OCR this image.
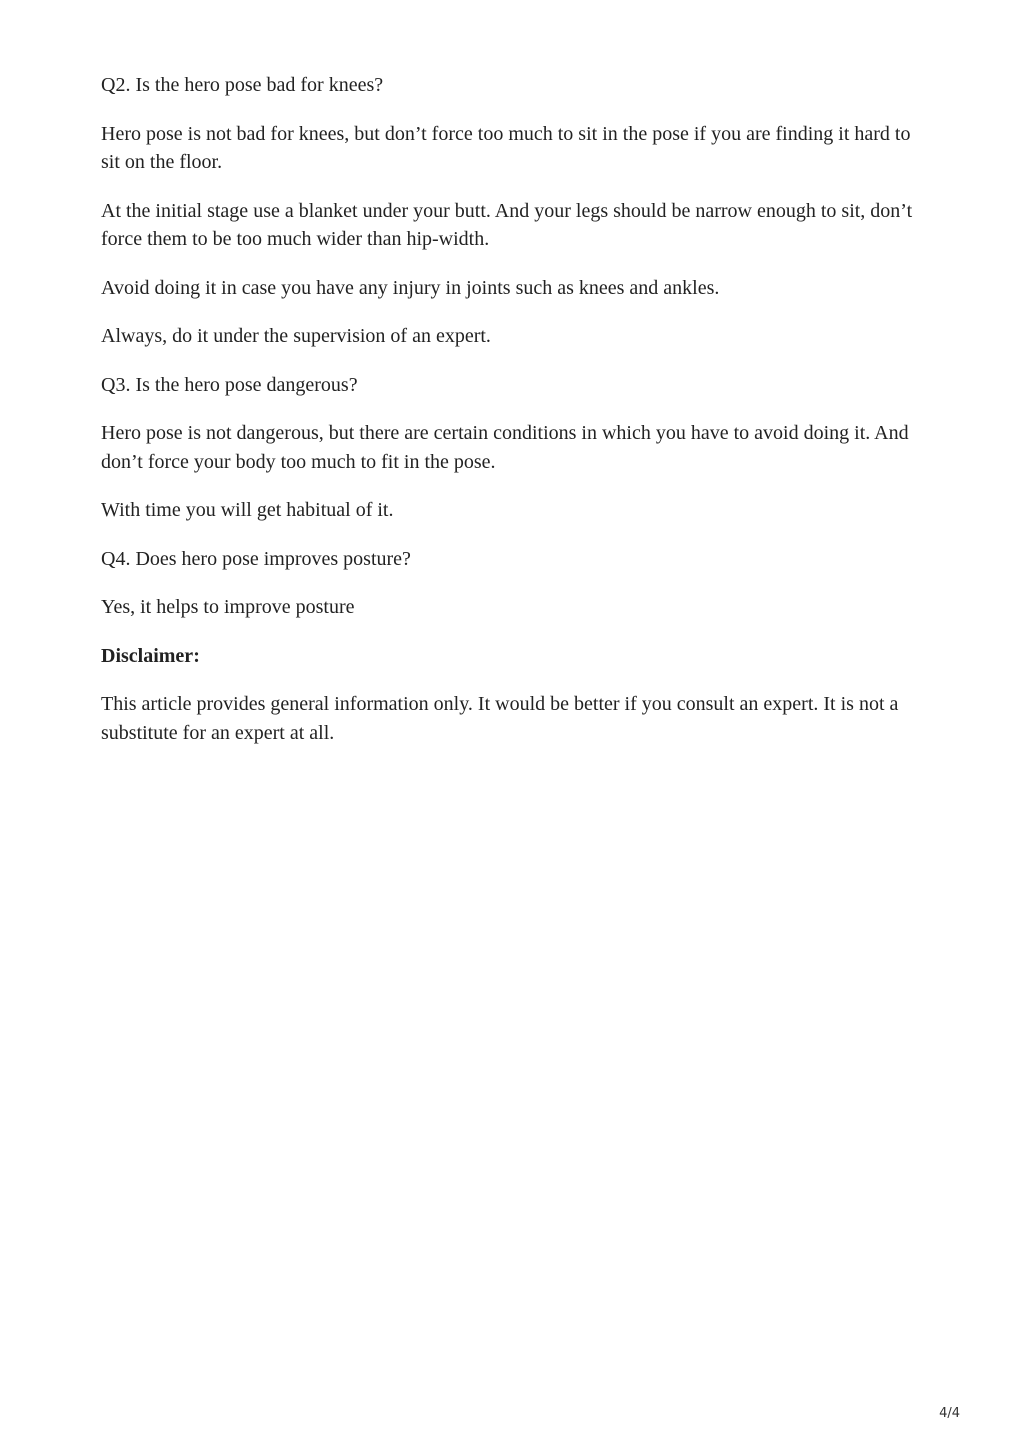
Q2. Is the hero pose bad for knees?

Hero pose is not bad for knees, but don’t force too much to sit in the pose if you are finding it hard to sit on the floor.

At the initial stage use a blanket under your butt. And your legs should be narrow enough to sit, don’t force them to be too much wider than hip-width.

Avoid doing it in case you have any injury in joints such as knees and ankles.

Always, do it under the supervision of an expert.

Q3. Is the hero pose dangerous?

Hero pose is not dangerous, but there are certain conditions in which you have to avoid doing it. And don’t force your body too much to fit in the pose.

With time you will get habitual of it.

Q4. Does hero pose improves posture?

Yes, it helps to improve posture

Disclaimer:

This article provides general information only. It would be better if you consult an expert. It is not a substitute for an expert at all.

4/4
